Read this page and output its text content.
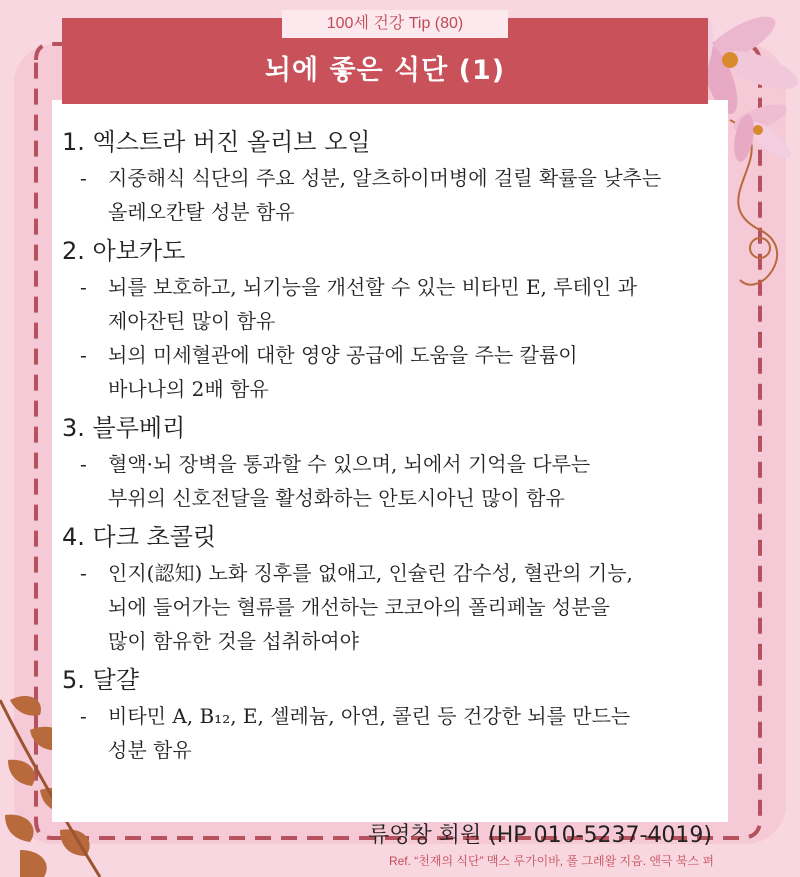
100세 건강 Tip (80)
뇌에 좋은 식단 (1)
1. 엑스트라 버진 올리브 오일
- 지중해식 식단의 주요 성분, 알츠하이머병에 걸릴 확률을 낮추는
올레오칸탈 성분 함유
2. 아보카도
- 뇌를 보호하고, 뇌기능을 개선할 수 있는 비타민 E, 루테인 과
제아잔틴 많이 함유
- 뇌의 미세혈관에 대한 영양 공급에 도움을 주는 칼륨이
바나나의 2배 함유
3. 블루베리
- 혈액·뇌 장벽을 통과할 수 있으며, 뇌에서 기억을 다루는
부위의 신호전달을 활성화하는 안토시아닌 많이 함유
4. 다크 초콜릿
- 인지(認知) 노화 징후를 없애고, 인슐린 감수성, 혈관의 기능,
뇌에 들어가는 혈류를 개선하는 코코아의 폴리페놀 성분을
많이 함유한 것을 섭취하여야
5. 달걀
- 비타민 A, B₁₂, E, 셀레늄, 아연, 콜린 등 건강한 뇌를 만드는
성분 함유
류영창 회원 (HP 010-5237-4019)
Ref. “천재의 식단” 맥스 루가이바, 폴 그레왈 지음. 앤극 북스 펴
